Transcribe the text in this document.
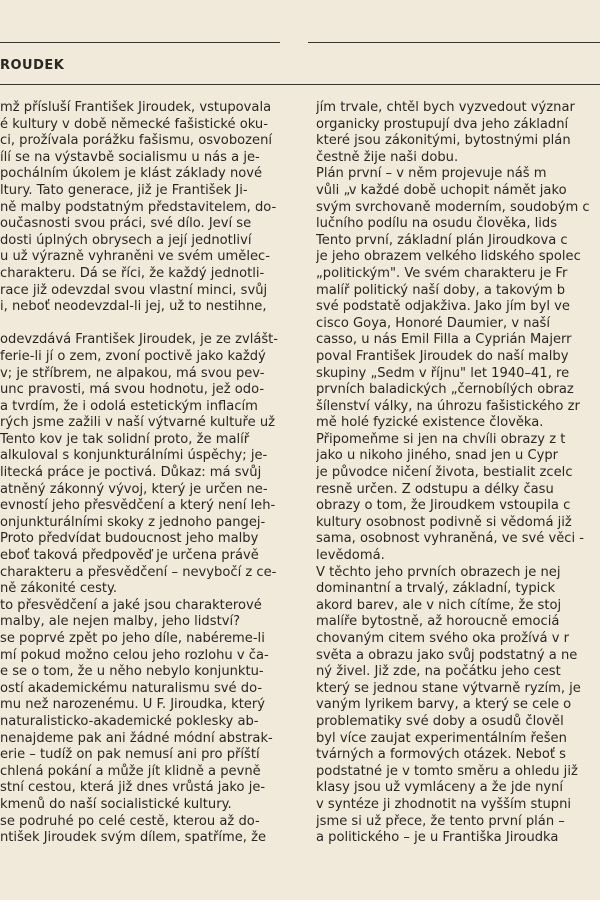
ROUDEK
mž přísluší František Jiroudek, vstupovala
é kultury v době německé fašistické oku-
ci, prožívala porážku fašismu, osvobození
ílí se na výstavbě socialismu u nás a je-
pochálním úkolem je klást základy nové
ltury. Tato generace, již je František Ji-
ně malby podstatným představitelem, do-
oučasnosti svou práci, své dílo. Jeví se
dosti úplných obrysech a její jednotliví
u už výrazně vyhraněni ve svém umělec-
charakteru. Dá se říci, že každý jednotli-
race již odevzdal svou vlastní minci, svůj
i, neboť neodevzdal-li jej, už to nestihne,
odevzdává František Jiroudek, je ze zvlášt-
ferie-li jí o zem, zvoní poctivě jako každý
v; je stříbrem, ne alpakou, má svou pev-
unc pravosti, má svou hodnotu, jež odo-
a tvrdím, že i odolá estetickým inflacím
rých jsme zažili v naší výtvarné kultuře už
Tento kov je tak solidní proto, že malíř
alkuloval s konjunkturálními úspěchy; je-
litecká práce je poctivá. Důkaz: má svůj
atněný zákonný vývoj, který je určen ne-
evností jeho přesvědčení a který není leh-
onjunkturálními skoky z jednoho pangej-
Proto předvídat budoucnost jeho malby
eboť taková předpověď je určena právě
charakteru a přesvědčení – nevybočí z ce-
ně zákonité cesty.
to přesvědčení a jaké jsou charakterové
malby, ale nejen malby, jeho lidství?
se poprvé zpět po jeho díle, nabéreme-li
mí pokud možno celou jeho rozlohu v ča-
e se o tom, že u něho nebylo konjunktu-
ostí akademickému naturalismu své do-
mu než narozenému. U F. Jiroudka, který
naturalisticko-akademické poklesky ab-
nenajdeme pak ani žádné módní abstrak-
erie – tudíž on pak nemusí ani pro příští
chlená pokání a může jít klidně a pevně
stní cestou, která již dnes vrůstá jako je-
kmenů do naší socialistické kultury.
se podruhé po celé cestě, kterou až do-
ntišek Jiroudek svým dílem, spatříme, že
jím trvale, chtěl bych vyzvedout význar
organicky prostupují dva jeho základní
které jsou zákonitými, bytostnými plán
čestně žije naši dobu.
Plán první – v něm projevuje náš m
vůli „v každé době uchopit námět jako
svým svrchovaně moderním, soudobým c
lučního podílu na osudu člověka, lids
Tento první, základní plán Jiroudkova c
je jeho obrazem velkého lidského spolec
„politickým". Ve svém charakteru je Fr
malíř politický naší doby, a takovým b
své podstatě odjakživa. Jako jím byl ve
cisco Goya, Honoré Daumier, v naší
casso, u nás Emil Filla a Cyprián Majerr
poval František Jiroudek do naší malby
skupiny „Sedm v říjnu" let 1940–41, re
prvních baladických „černobílých obraz
šílenství války, na úhrozu fašistického zr
mě holé fyzické existence člověka.
Připomeňme si jen na chvíli obrazy z t
jako u nikoho jiného, snad jen u Cypr
je původce ničení života, bestialit zcelc
resně určen. Z odstupu a délky času
obrazy o tom, že Jiroudkem vstoupila c
kultury osobnost podivně si vědomá již
sama, osobnost vyhraněná, ve své věci -
levědomá.
V těchto jeho prvních obrazech je nej
dominantní a trvalý, základní, typick
akord barev, ale v nich cítíme, že stoj
malíře bytostně, až horoucně emociá
chovaným citem svého oka prožívá v r
světa a obrazu jako svůj podstatný a ne
ný živel. Již zde, na počátku jeho cest
který se jednou stane výtvarně ryzím, je
vaným lyrikem barvy, a který se cele o
problematiky své doby a osudů člověl
byl více zaujat experimentálním řešen
tvárných a formových otázek. Neboť s
podstatné je v tomto směru a ohledu již
klasy jsou už vymláceny a že jde nyní
v syntéze ji zhodnotit na vyšším stupni
jsme si už přece, že tento první plán –
a politického – je u Františka Jiroudka
